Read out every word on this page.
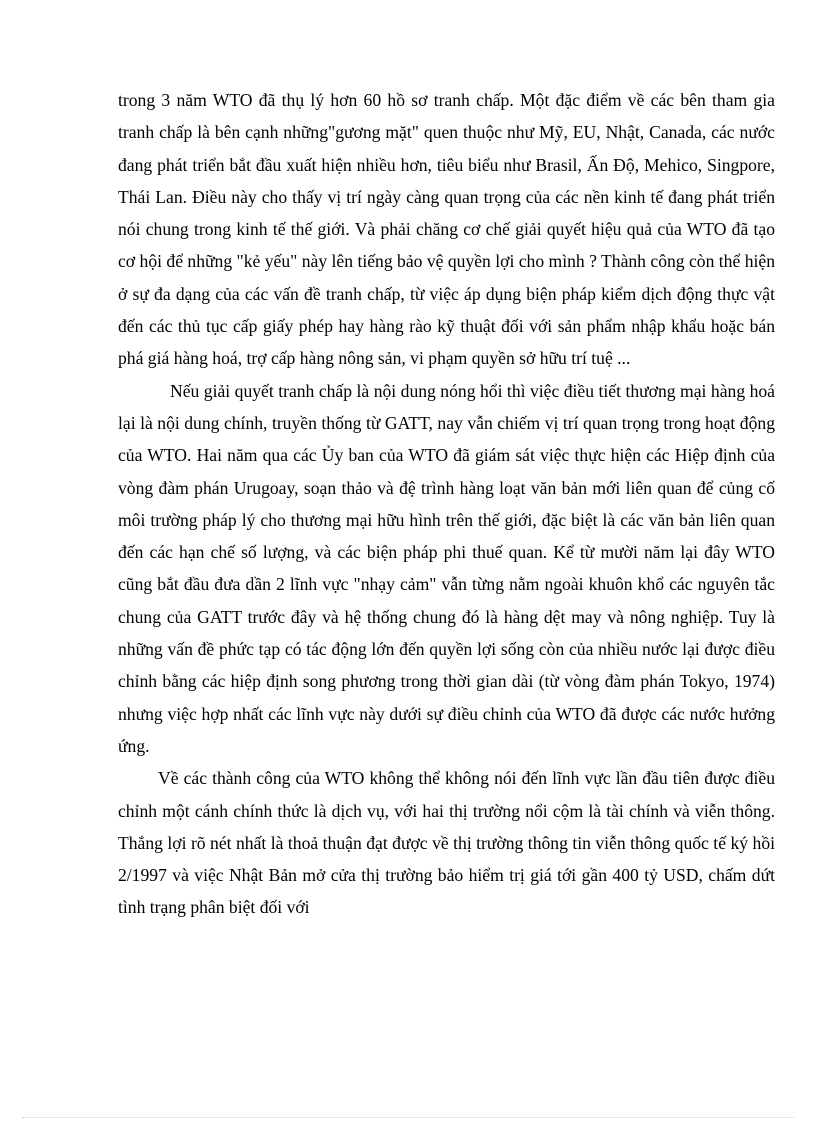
trong 3 năm WTO đã thụ lý hơn 60 hồ sơ tranh chấp. Một đặc điểm về các bên tham gia tranh chấp là bên cạnh những"gương mặt" quen thuộc như Mỹ, EU, Nhật, Canada, các nước đang phát triển bắt đầu xuất hiện nhiều hơn, tiêu biểu như Brasil, Ấn Độ, Mehico, Singpore, Thái Lan. Điều này cho thấy vị trí ngày càng quan trọng của các nền kinh tế đang phát triển nói chung trong kinh tế thế giới. Và phải chăng cơ chế giải quyết hiệu quả của WTO đã tạo cơ hội để những "kẻ yếu" này lên tiếng bảo vệ quyền lợi cho mình ? Thành công còn thể hiện ở sự đa dạng của các vấn đề tranh chấp, từ việc áp dụng biện pháp kiểm dịch động thực vật đến các thủ tục cấp giấy phép hay hàng rào kỹ thuật đối với sản phẩm nhập khẩu hoặc bán phá giá hàng hoá, trợ cấp hàng nông sản, vi phạm quyền sở hữu trí tuệ ...

Nếu giải quyết tranh chấp là nội dung nóng hổi thì việc điều tiết thương mại hàng hoá lại là nội dung chính, truyền thống từ GATT, nay vẫn chiếm vị trí quan trọng trong hoạt động của WTO. Hai năm qua các Ủy ban của WTO đã giám sát việc thực hiện các Hiệp định của vòng đàm phán Urugoay, soạn thảo và đệ trình hàng loạt văn bản mới liên quan để củng cố môi trường pháp lý cho thương mại hữu hình trên thế giới, đặc biệt là các văn bản liên quan đến các hạn chế số lượng, và các biện pháp phi thuế quan. Kể từ mười năm lại đây WTO cũng bắt đầu đưa dần 2 lĩnh vực "nhạy cảm" vẫn từng nằm ngoài khuôn khổ các nguyên tắc chung của GATT trước đây và hệ thống chung đó là hàng dệt may và nông nghiệp. Tuy là những vấn đề phức tạp có tác động lớn đến quyền lợi sống còn của nhiều nước lại được điều chỉnh bằng các hiệp định song phương trong thời gian dài (từ vòng đàm phán Tokyo, 1974) nhưng việc hợp nhất các lĩnh vực này dưới sự điều chỉnh của WTO đã được các nước hưởng ứng.

Về các thành công của WTO không thể không nói đến lĩnh vực lần đầu tiên được điều chỉnh một cánh chính thức là dịch vụ, với hai thị trường nổi cộm là tài chính và viễn thông. Thắng lợi rõ nét nhất là thoả thuận đạt được về thị trường thông tin viễn thông quốc tế ký hồi 2/1997 và việc Nhật Bản mở cửa thị trường bảo hiểm trị giá tới gần 400 tỷ USD, chấm dứt tình trạng phân biệt đối với
